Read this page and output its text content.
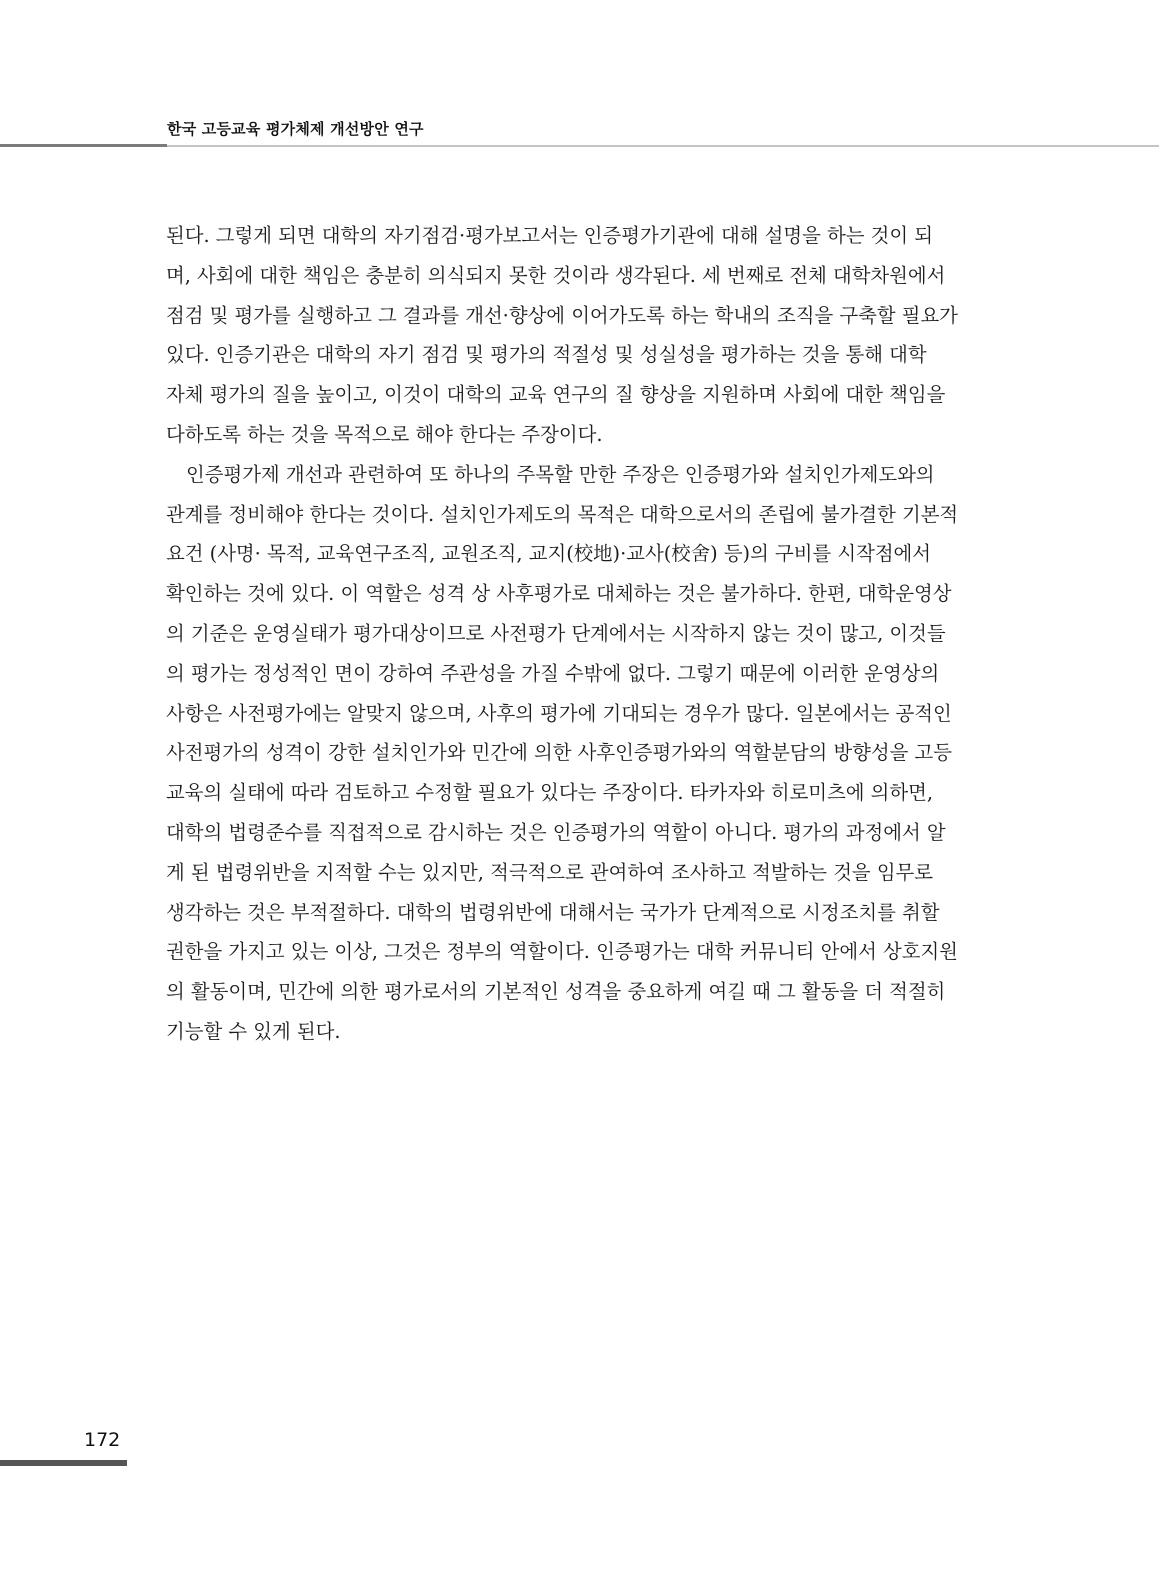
한국 고등교육 평가체제 개선방안 연구

된다. 그렇게 되면 대학의 자기점검·평가보고서는 인증평가기관에 대해 설명을 하는 것이 되

며, 사회에 대한 책임은 충분히 의식되지 못한 것이라 생각된다. 세 번째로 전체 대학차원에서

점검 및 평가를 실행하고 그 결과를 개선·향상에 이어가도록 하는 학내의 조직을 구축할 필요가

있다. 인증기관은 대학의 자기 점검 및 평가의 적절성 및 성실성을 평가하는 것을 통해 대학

자체 평가의 질을 높이고, 이것이 대학의 교육 연구의 질 향상을 지원하며 사회에 대한 책임을

다하도록 하는 것을 목적으로 해야 한다는 주장이다.

인증평가제 개선과 관련하여 또 하나의 주목할 만한 주장은 인증평가와 설치인가제도와의

관계를 정비해야 한다는 것이다. 설치인가제도의 목적은 대학으로서의 존립에 불가결한 기본적

요건 (사명· 목적, 교육연구조직, 교원조직, 교지(校地)·교사(校舍) 등)의 구비를 시작점에서

확인하는 것에 있다. 이 역할은 성격 상 사후평가로 대체하는 것은 불가하다. 한편, 대학운영상

의 기준은 운영실태가 평가대상이므로 사전평가 단계에서는 시작하지 않는 것이 많고, 이것들

의 평가는 정성적인 면이 강하여 주관성을 가질 수밖에 없다. 그렇기 때문에 이러한 운영상의

사항은 사전평가에는 알맞지 않으며, 사후의 평가에 기대되는 경우가 많다. 일본에서는 공적인

사전평가의 성격이 강한 설치인가와 민간에 의한 사후인증평가와의 역할분담의 방향성을 고등

교육의 실태에 따라 검토하고 수정할 필요가 있다는 주장이다. 타카자와 히로미츠에 의하면,

대학의 법령준수를 직접적으로 감시하는 것은 인증평가의 역할이 아니다. 평가의 과정에서 알

게 된 법령위반을 지적할 수는 있지만, 적극적으로 관여하여 조사하고 적발하는 것을 임무로

생각하는 것은 부적절하다. 대학의 법령위반에 대해서는 국가가 단계적으로 시정조치를 취할

권한을 가지고 있는 이상, 그것은 정부의 역할이다. 인증평가는 대학 커뮤니티 안에서 상호지원

의 활동이며, 민간에 의한 평가로서의 기본적인 성격을 중요하게 여길 때 그 활동을 더 적절히

기능할 수 있게 된다.

172
